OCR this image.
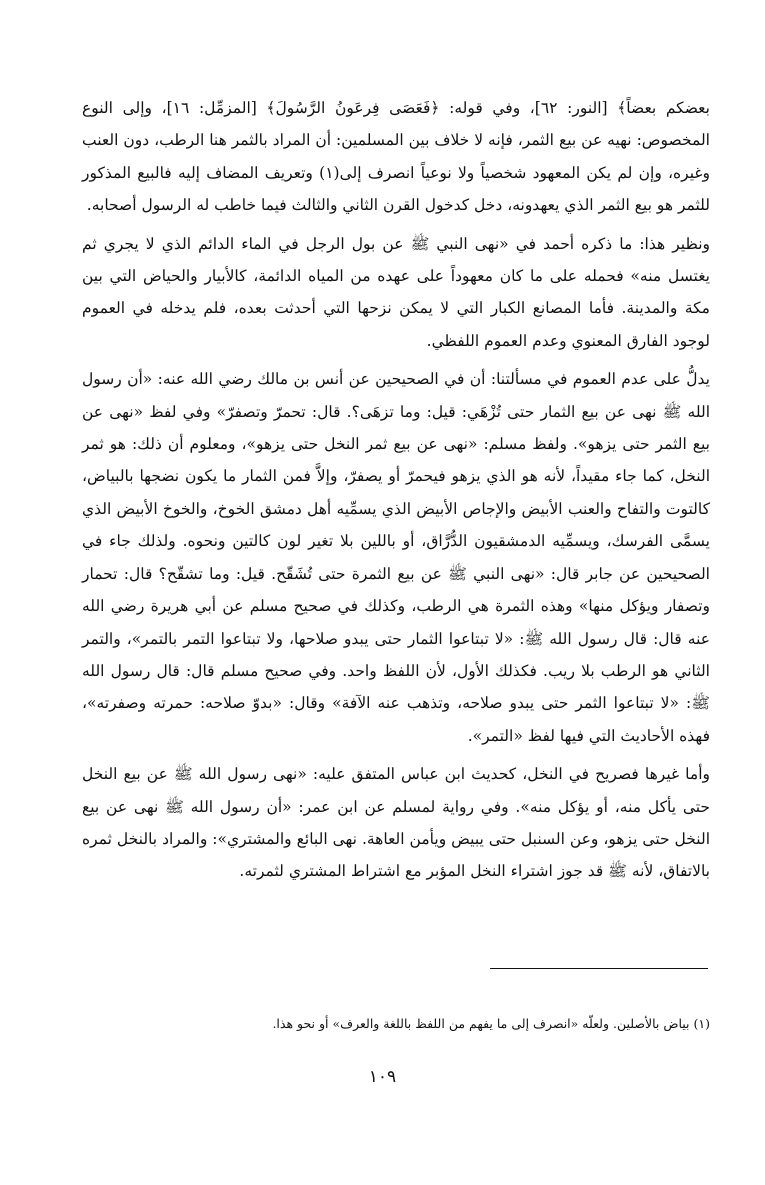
بعضكم بعضاً﴾ [النور: ٦٢]، وفي قوله: ﴿فَعَصَى فِرعَونُ الرَّسُولَ﴾ [المزمِّل: ١٦]، وإلى النوع المخصوص: نهيه عن بيع الثمر، فإنه لا خلاف بين المسلمين: أن المراد بالثمر هنا الرطب، دون العنب وغيره، وإن لم يكن المعهود شخصياً ولا نوعياً انصرف إلى(١) وتعريف المضاف إليه فالبيع المذكور للثمر هو بيع الثمر الذي يعهدونه، دخل كدخول القرن الثاني والثالث فيما خاطب له الرسول أصحابه.

ونظير هذا: ما ذكره أحمد في «نهى النبي ﷺ عن بول الرجل في الماء الدائم الذي لا يجري ثم يغتسل منه» فحمله على ما كان معهوداً على عهده من المياه الدائمة، كالأبيار والحياض التي بين مكة والمدينة. فأما المصانع الكبار التي لا يمكن نزحها التي أحدثت بعده، فلم يدخله في العموم لوجود الفارق المعنوي وعدم العموم اللفظي.

يدلُّ على عدم العموم في مسألتنا: أن في الصحيحين عن أنس بن مالك رضي الله عنه: «أن رسول الله ﷺ نهى عن بيع الثمار حتى تُزْهَي: قيل: وما تزهَى؟. قال: تحمرّ وتصفرّ» وفي لفظ «نهى عن بيع الثمر حتى يزهو». ولفظ مسلم: «نهى عن بيع ثمر النخل حتى يزهو»، ومعلوم أن ذلك: هو ثمر النخل، كما جاء مقيداً، لأنه هو الذي يزهو فيحمرّ أو يصفرّ، وإلاَّ فمن الثمار ما يكون نضجها بالبياض، كالتوت والتفاح والعنب الأبيض والإجاص الأبيض الذي يسمِّيه أهل دمشق الخوخ، والخوخ الأبيض الذي يسمَّى الفرسك، ويسمِّيه الدمشقيون الدُّرَّاق، أو باللين بلا تغير لون كالتين ونحوه. ولذلك جاء في الصحيحين عن جابر قال: «نهى النبي ﷺ عن بيع الثمرة حتى تُشَقّح. قيل: وما تشقّح؟ قال: تحمار وتصفار ويؤكل منها» وهذه الثمرة هي الرطب، وكذلك في صحيح مسلم عن أبي هريرة رضي الله عنه قال: قال رسول الله ﷺ: «لا تبتاعوا الثمار حتى يبدو صلاحها، ولا تبتاعوا التمر بالتمر»، والتمر الثاني هو الرطب بلا ريب. فكذلك الأول، لأن اللفظ واحد. وفي صحيح مسلم قال: قال رسول الله ﷺ: «لا تبتاعوا الثمر حتى يبدو صلاحه، وتذهب عنه الآفة» وقال: «بدوّ صلاحه: حمرته وصفرته»، فهذه الأحاديث التي فيها لفظ «التمر».

وأما غيرها فصريح في النخل، كحديث ابن عباس المتفق عليه: «نهى رسول الله ﷺ عن بيع النخل حتى يأكل منه، أو يؤكل منه». وفي رواية لمسلم عن ابن عمر: «أن رسول الله ﷺ نهى عن بيع النخل حتى يزهو، وعن السنبل حتى يبيض ويأمن العاهة. نهى البائع والمشتري»: والمراد بالنخل ثمره بالاتفاق، لأنه ﷺ قد جوز اشتراء النخل المؤبر مع اشتراط المشتري لثمرته.

(١) بياض بالأصلين. ولعلّه «انصرف إلى ما يفهم من اللفظ باللغة والعرف» أو نحو هذا.
١٠٩
